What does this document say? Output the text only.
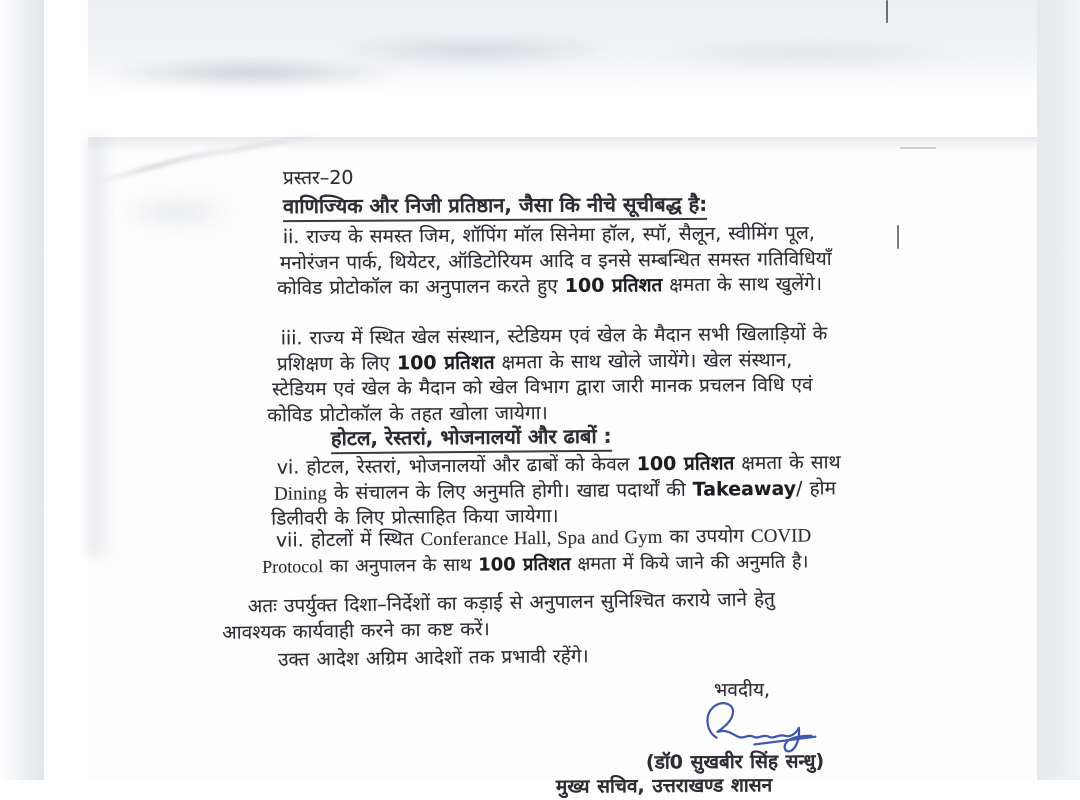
प्रस्तर–20
वाणिज्यिक और निजी प्रतिष्ठान, जैसा कि नीचे सूचीबद्ध है:
ii. राज्य के समस्त जिम, शॉपिंग मॉल सिनेमा हॉल, स्पॉ, सैलून, स्वीमिंग पूल,
मनोरंजन पार्क, थियेटर, ऑडिटोरियम आदि व इनसे सम्बन्धित समस्त गतिविधियाँ
कोविड प्रोटोकॉल का अनुपालन करते हुए 100 प्रतिशत क्षमता के साथ खुलेंगे।
iii. राज्य में स्थित खेल संस्थान, स्टेडियम एवं खेल के मैदान सभी खिलाड़ियों के
प्रशिक्षण के लिए 100 प्रतिशत क्षमता के साथ खोले जायेंगे। खेल संस्थान,
स्टेडियम एवं खेल के मैदान को खेल विभाग द्वारा जारी मानक प्रचलन विधि एवं
कोविड प्रोटोकॉल के तहत खोला जायेगा।
होटल, रेस्तरां, भोजनालयों और ढाबों :
vi. होटल, रेस्तरां, भोजनालयों और ढाबों को केवल 100 प्रतिशत क्षमता के साथ
Dining के संचालन के लिए अनुमति होगी। खाद्य पदार्थों की Takeaway/ होम
डिलीवरी के लिए प्रोत्साहित किया जायेगा।
vii. होटलों में स्थित Conferance Hall, Spa and Gym का उपयोग COVID
Protocol का अनुपालन के साथ 100 प्रतिशत क्षमता में किये जाने की अनुमति है।
अतः उपर्युक्त दिशा–निर्देशों का कड़ाई से अनुपालन सुनिश्चित कराये जाने हेतु
आवश्यक कार्यवाही करने का कष्ट करें।
उक्त आदेश अग्रिम आदेशों तक प्रभावी रहेंगे।
भवदीय,
(डॉ0 सुखबीर सिंह सन्धु)
मुख्य सचिव, उत्तराखण्ड शासन
